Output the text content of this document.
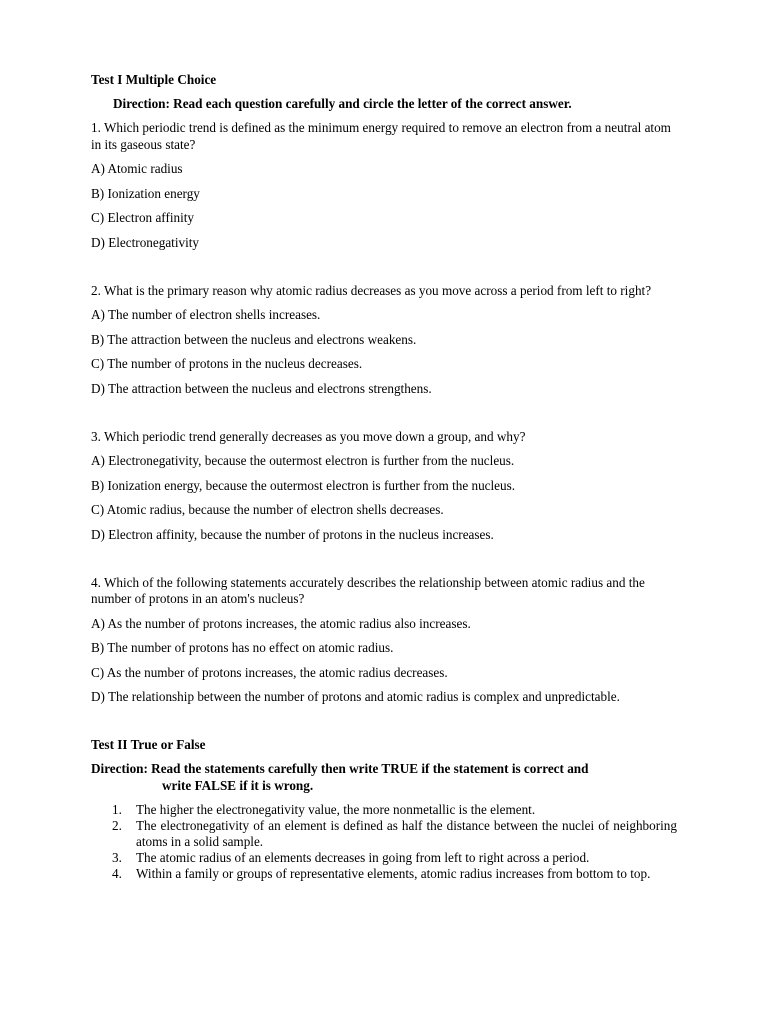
Test I Multiple Choice
Direction: Read each question carefully and circle the letter of the correct answer.
1. Which periodic trend is defined as the minimum energy required to remove an electron from a neutral atom in its gaseous state?
A) Atomic radius
B) Ionization energy
C) Electron affinity
D) Electronegativity
2. What is the primary reason why atomic radius decreases as you move across a period from left to right?
A) The number of electron shells increases.
B) The attraction between the nucleus and electrons weakens.
C) The number of protons in the nucleus decreases.
D) The attraction between the nucleus and electrons strengthens.
3. Which periodic trend generally decreases as you move down a group, and why?
A) Electronegativity, because the outermost electron is further from the nucleus.
B) Ionization energy, because the outermost electron is further from the nucleus.
C) Atomic radius, because the number of electron shells decreases.
D) Electron affinity, because the number of protons in the nucleus increases.
4. Which of the following statements accurately describes the relationship between atomic radius and the number of protons in an atom's nucleus?
A) As the number of protons increases, the atomic radius also increases.
B) The number of protons has no effect on atomic radius.
C) As the number of protons increases, the atomic radius decreases.
D) The relationship between the number of protons and atomic radius is complex and unpredictable.
Test II True or False
Direction: Read the statements carefully then write TRUE if the statement is correct and
write FALSE if it is wrong.
1.	The higher the electronegativity value, the more nonmetallic is the element.
2.	The electronegativity of an element is defined as half the distance between the nuclei of neighboring atoms in a solid sample.
3.	The atomic radius of an elements decreases in going from left to right across a period.
4.	Within a family or groups of representative elements, atomic radius increases from bottom to top.
